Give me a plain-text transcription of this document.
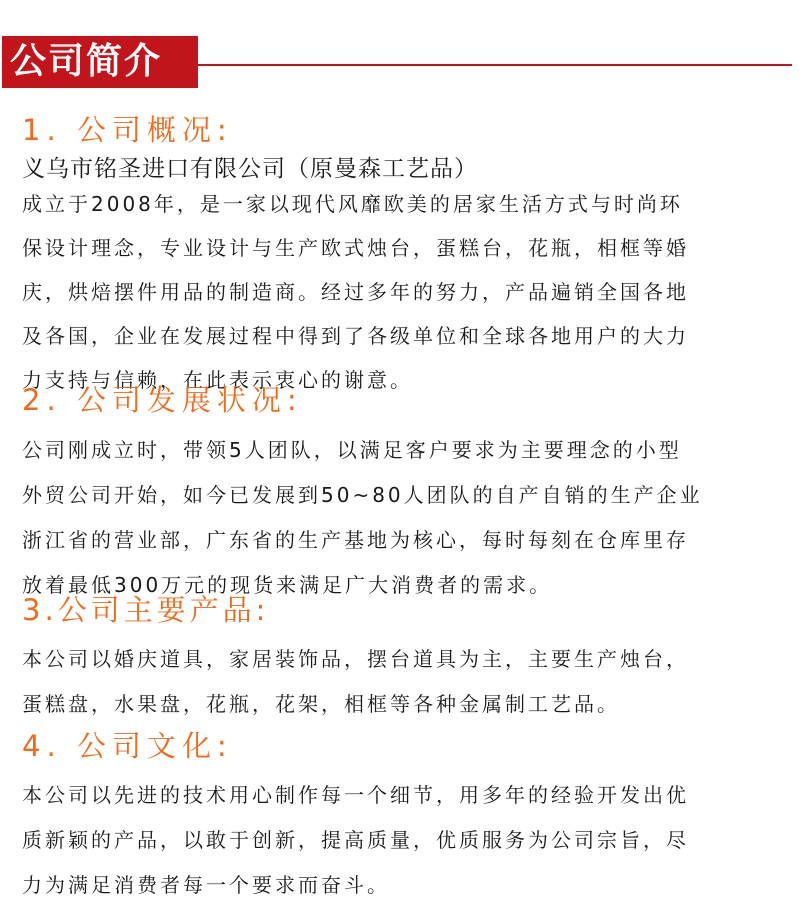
公司简介
1. 公司概况:
义乌市铭圣进口有限公司（原曼森工艺品）
成立于2008年，是一家以现代风靡欧美的居家生活方式与时尚环
保设计理念，专业设计与生产欧式烛台，蛋糕台，花瓶，相框等婚
庆，烘焙摆件用品的制造商。经过多年的努力，产品遍销全国各地
及各国，企业在发展过程中得到了各级单位和全球各地用户的大力
力支持与信赖，在此表示衷心的谢意。
2. 公司发展状况:
公司刚成立时，带领5人团队，以满足客户要求为主要理念的小型
外贸公司开始，如今已发展到50~80人团队的自产自销的生产企业
浙江省的营业部，广东省的生产基地为核心，每时每刻在仓库里存
放着最低300万元的现货来满足广大消费者的需求。
3.公司主要产品:
本公司以婚庆道具，家居装饰品，摆台道具为主，主要生产烛台，
蛋糕盘，水果盘，花瓶，花架，相框等各种金属制工艺品。
4. 公司文化:
本公司以先进的技术用心制作每一个细节，用多年的经验开发出优
质新颖的产品，以敢于创新，提高质量，优质服务为公司宗旨，尽
力为满足消费者每一个要求而奋斗。
